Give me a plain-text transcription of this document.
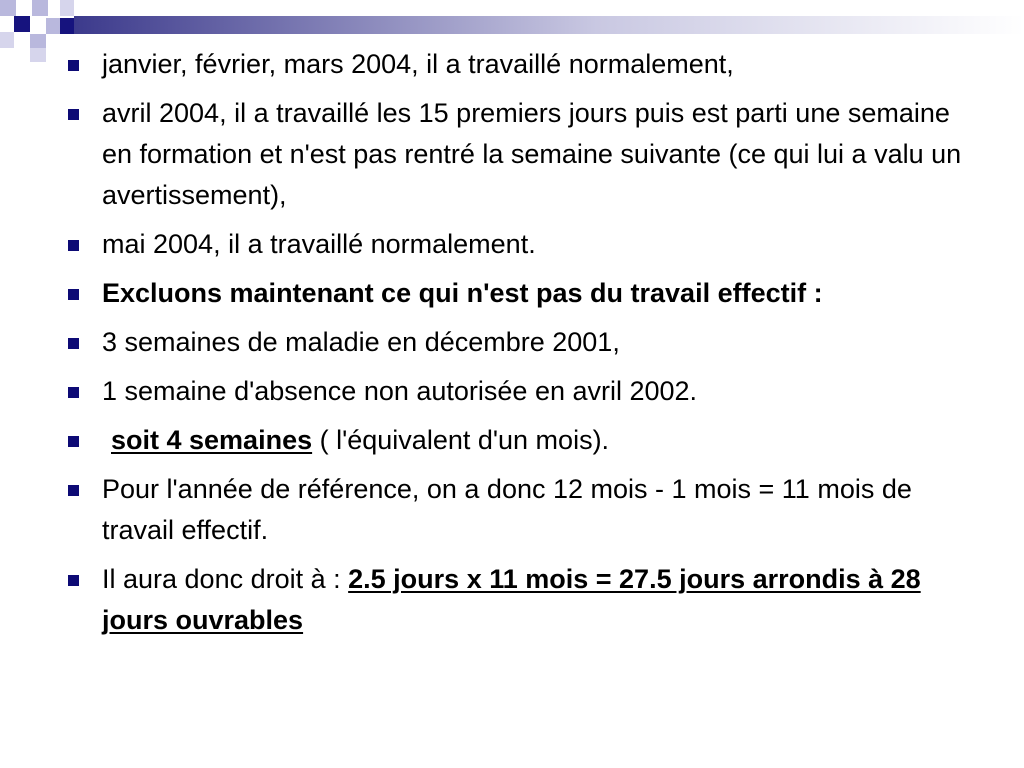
janvier, février, mars 2004, il a travaillé normalement,
avril 2004, il a travaillé les 15 premiers jours puis est parti une semaine en formation et n'est pas rentré la semaine suivante (ce qui lui a valu un avertissement),
mai 2004, il a travaillé normalement.
Excluons maintenant ce qui n'est pas du travail effectif :
3 semaines de maladie en décembre 2001,
1 semaine d'absence non autorisée en avril 2002.
soit 4 semaines ( l'équivalent d'un mois).
Pour l'année de référence, on a donc 12 mois - 1 mois = 11 mois de travail effectif.
Il aura donc droit à : 2.5 jours x 11 mois = 27.5 jours arrondis à 28 jours ouvrables
